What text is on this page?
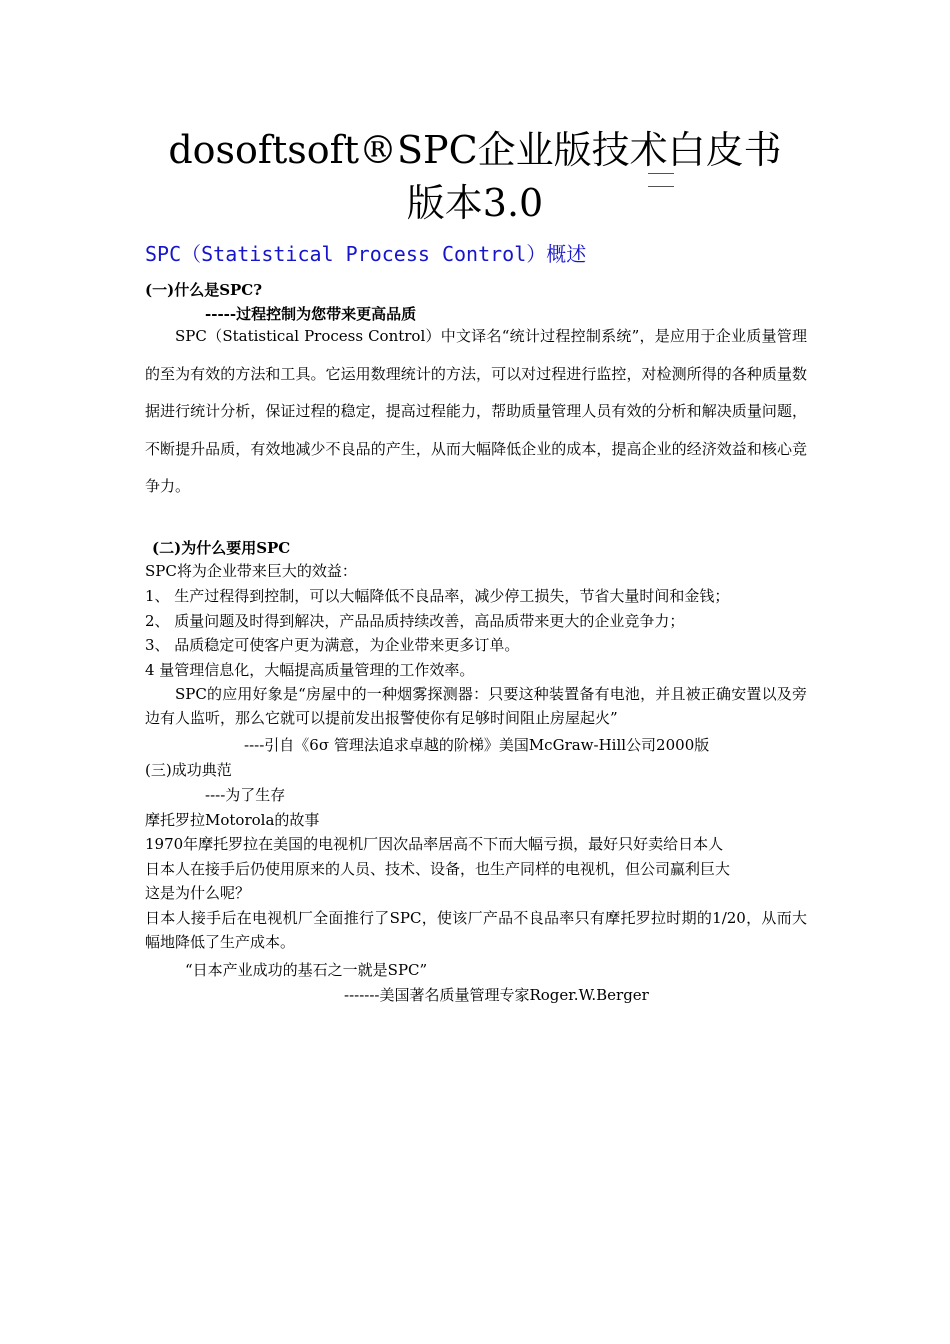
dosoftsoft®SPC企业版技术白皮书
版本3.0
SPC（Statistical Process Control）概述
(一)什么是SPC?
-----过程控制为您带来更高品质
SPC（Statistical Process Control）中文译名“统计过程控制系统”，是应用于企业质量管理的至为有效的方法和工具。它运用数理统计的方法，可以对过程进行监控，对检测所得的各种质量数据进行统计分析，保证过程的稳定，提高过程能力，帮助质量管理人员有效的分析和解决质量问题，不断提升品质，有效地减少不良品的产生，从而大幅降低企业的成本，提高企业的经济效益和核心竞争力。
(二)为什么要用SPC
SPC将为企业带来巨大的效益：
1、 生产过程得到控制，可以大幅降低不良品率，减少停工损失，节省大量时间和金钱；
2、 质量问题及时得到解决，产品品质持续改善，高品质带来更大的企业竞争力；
3、 品质稳定可使客户更为满意，为企业带来更多订单。
4 量管理信息化，大幅提高质量管理的工作效率。
SPC的应用好象是“房屋中的一种烟雾探测器：只要这种装置备有电池，并且被正确安置以及旁边有人监听，那么它就可以提前发出报警使你有足够时间阻止房屋起火”
----引自《6σ 管理法追求卓越的阶梯》美国McGraw-Hill公司2000版
(三)成功典范
----为了生存
摩托罗拉Motorola的故事
1970年摩托罗拉在美国的电视机厂因次品率居高不下而大幅亏损，最好只好卖给日本人
日本人在接手后仍使用原来的人员、技术、设备，也生产同样的电视机，但公司赢利巨大
这是为什么呢？
日本人接手后在电视机厂全面推行了SPC，使该厂产品不良品率只有摩托罗拉时期的1/20，从而大幅地降低了生产成本。
“日本产业成功的基石之一就是SPC”
-------美国著名质量管理专家Roger.W.Berger
